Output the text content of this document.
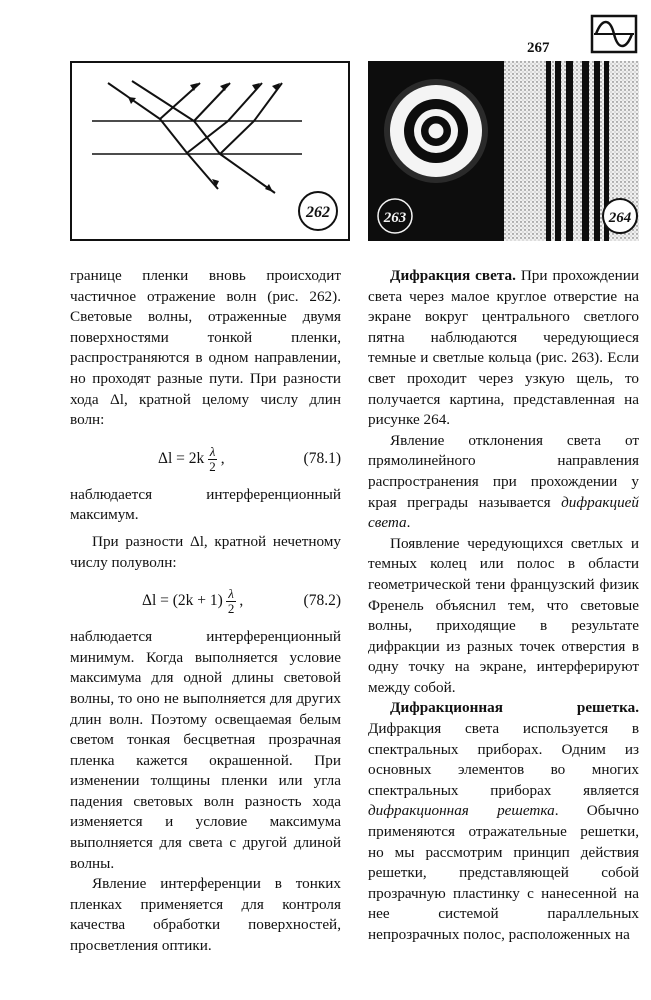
267
262	263	264

границе пленки вновь происходит частичное отражение волн (рис. 262). Световые волны, отраженные двумя поверхностями тонкой пленки, распространяются в одном направлении, но проходят разные пути. При разности хода Δl, кратной целому числу длин волн:

$\Delta l = 2k \frac{\lambda}{2}$ ,	(78.1)

наблюдается интерференционный максимум.

При разности Δl, кратной нечетному числу полуволн:

$\Delta l = (2k + 1) \frac{\lambda}{2}$ ,	(78.2)

наблюдается интерференционный минимум. Когда выполняется условие максимума для одной длины световой волны, то оно не выполняется для других длин волн. Поэтому освещаемая белым светом тонкая бесцветная прозрачная пленка кажется окрашенной. При изменении толщины пленки или угла падения световых волн разность хода изменяется и условие максимума выполняется для света с другой длиной волны.

Явление интерференции в тонких пленках применяется для контроля качества обработки поверхностей, просветления оптики.

Дифракция света. При прохождении света через малое круглое отверстие на экране вокруг центрального светлого пятна наблюдаются чередующиеся темные и светлые кольца (рис. 263). Если свет проходит через узкую щель, то получается картина, представленная на рисунке 264.

Явление отклонения света от прямолинейного направления распространения при прохождении у края преграды называется дифракцией света.

Появление чередующихся светлых и темных колец или полос в области геометрической тени французский физик Френель объяснил тем, что световые волны, приходящие в результате дифракции из разных точек отверстия в одну точку на экране, интерферируют между собой.

Дифракционная решетка. Дифракция света используется в спектральных приборах. Одним из основных элементов во многих спектральных приборах является дифракционная решетка. Обычно применяются отражательные решетки, но мы рассмотрим принцип действия решетки, представляющей собой прозрачную пластинку с нанесенной на нее системой параллельных непрозрачных полос, расположенных на
